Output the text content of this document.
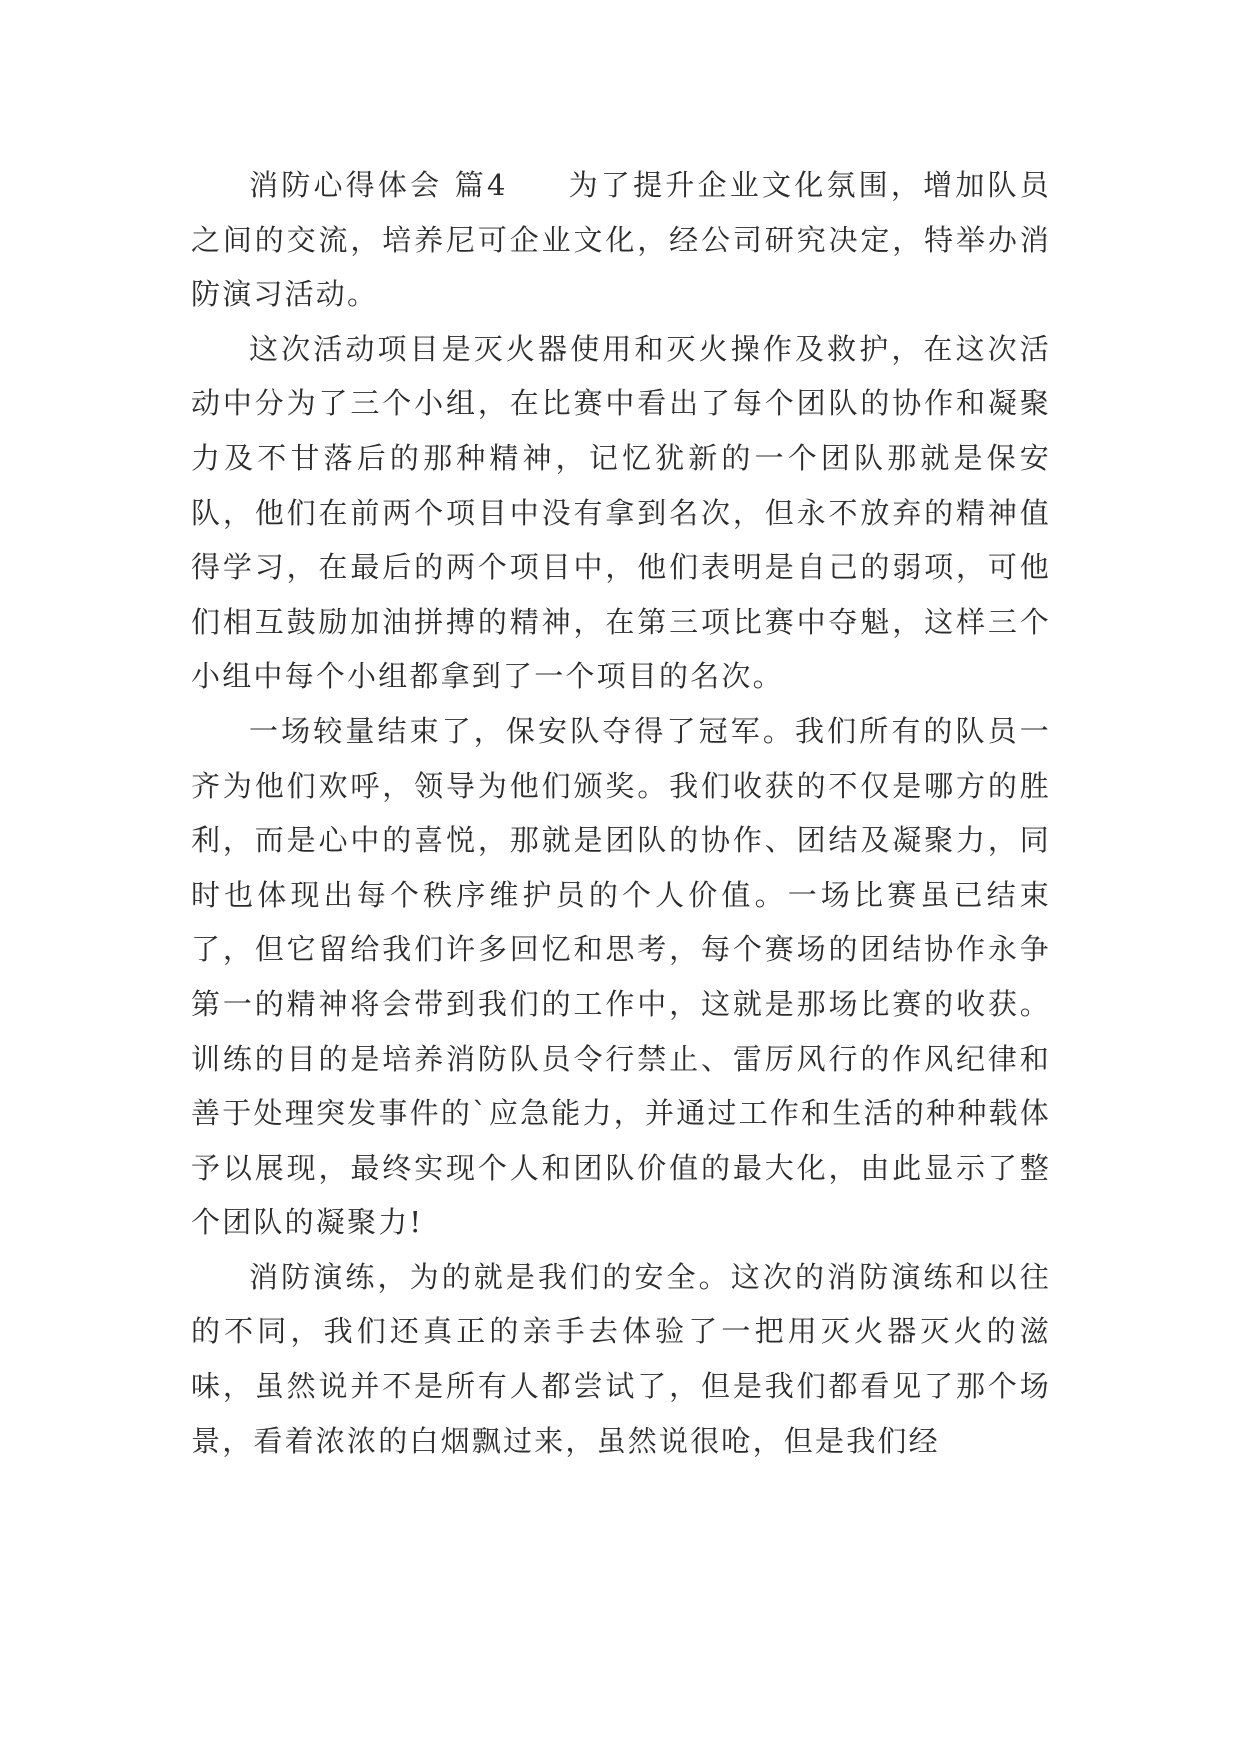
消防心得体会 篇4 为了提升企业文化氛围，增加队员之间的交流，培养尼可企业文化，经公司研究决定，特举办消防演习活动。

这次活动项目是灭火器使用和灭火操作及救护，在这次活动中分为了三个小组，在比赛中看出了每个团队的协作和凝聚力及不甘落后的那种精神，记忆犹新的一个团队那就是保安队，他们在前两个项目中没有拿到名次，但永不放弃的精神值得学习，在最后的两个项目中，他们表明是自己的弱项，可他们相互鼓励加油拼搏的精神，在第三项比赛中夺魁，这样三个小组中每个小组都拿到了一个项目的名次。

一场较量结束了，保安队夺得了冠军。我们所有的队员一齐为他们欢呼，领导为他们颁奖。我们收获的不仅是哪方的胜利，而是心中的喜悦，那就是团队的协作、团结及凝聚力，同时也体现出每个秩序维护员的个人价值。一场比赛虽已结束了，但它留给我们许多回忆和思考，每个赛场的团结协作永争第一的精神将会带到我们的工作中，这就是那场比赛的收获。训练的目的是培养消防队员令行禁止、雷厉风行的作风纪律和善于处理突发事件的`应急能力，并通过工作和生活的种种载体予以展现，最终实现个人和团队价值的最大化，由此显示了整个团队的凝聚力!

消防演练，为的就是我们的安全。这次的消防演练和以往的不同，我们还真正的亲手去体验了一把用灭火器灭火的滋味，虽然说并不是所有人都尝试了，但是我们都看见了那个场景，看着浓浓的白烟飘过来，虽然说很呛，但是我们经
